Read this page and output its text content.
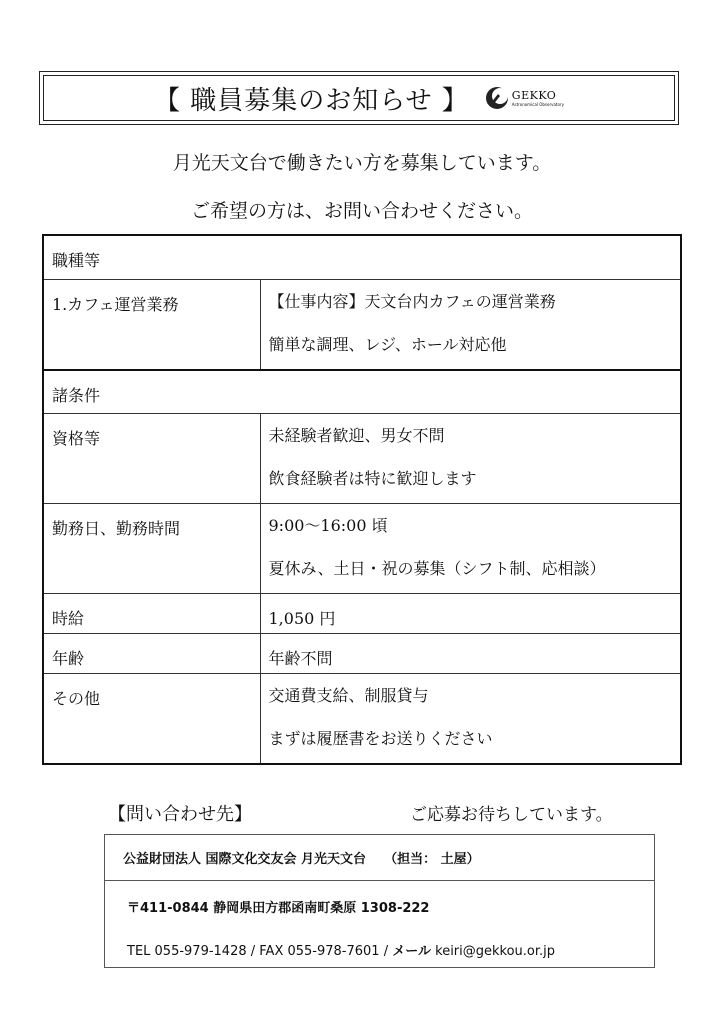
【 職員募集のお知らせ 】	GEKKO
Astronomical Observatory
月光天文台で働きたい方を募集しています。
ご希望の方は、お問い合わせください。
職種等	
1.カフェ運営業務	【仕事内容】天文台内カフェの運営業務
簡単な調理、レジ、ホール対応他

諸条件	
資格等	未経験者歓迎、男女不問
飲食経験者は特に歓迎します

勤務日、勤務時間	9:00～16:00 頃
夏休み、土日・祝の募集（シフト制、応相談）

時給	1,050 円
年齢	年齢不問
その他	交通費支給、制服貸与
まずは履歴書をお送りください
【問い合わせ先】	ご応募お待ちしています。
公益財団法人 国際文化交友会 月光天文台 （担当： 土屋）
〒411-0844 静岡県田方郡函南町桑原 1308-222
TEL 055-979-1428 / FAX 055-978-7601 / メール keiri@gekkou.or.jp
